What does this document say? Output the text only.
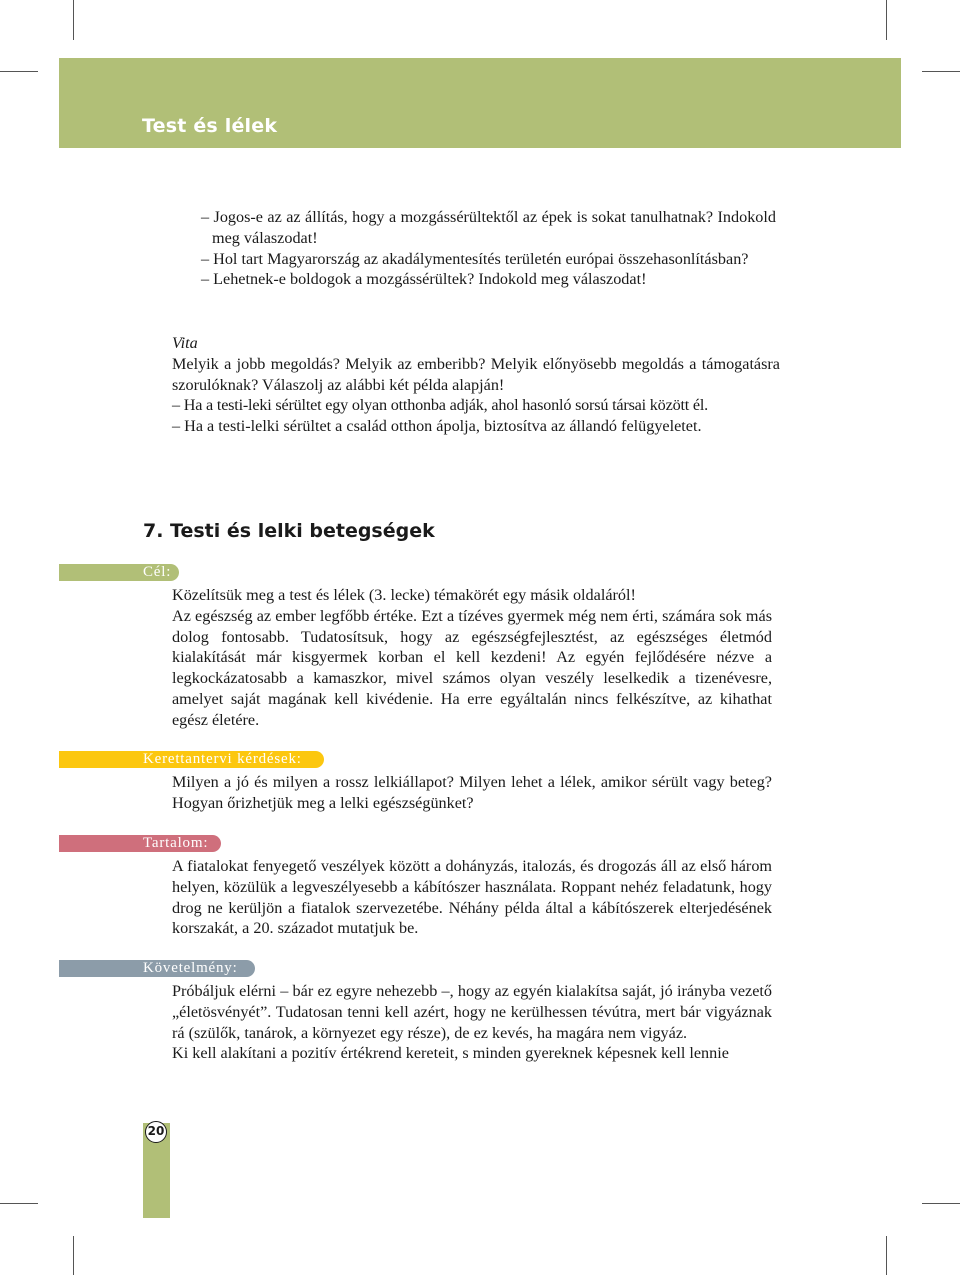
Test és lélek

– Jogos-e az az állítás, hogy a mozgássérültektől az épek is sokat tanulhatnak? Indokold meg válaszodat!

– Hol tart Magyarország az akadálymentesítés területén európai összehasonlításban?

– Lehetnek-e boldogok a mozgássérültek? Indokold meg válaszodat!

Vita

Melyik a jobb megoldás? Melyik az emberibb? Melyik előnyösebb megoldás a támogatásra szorulóknak? Válaszolj az alábbi két példa alapján!

– Ha a testi-leki sérültet egy olyan otthonba adják, ahol hasonló sorsú társai között él.

– Ha a testi-lelki sérültet a család otthon ápolja, biztosítva az állandó felügyeletet.

7. Testi és lelki betegségek
Cél:

Közelítsük meg a test és lélek (3. lecke) témakörét egy másik oldaláról!

Az egészség az ember legfőbb értéke. Ezt a tízéves gyermek még nem érti, számára sok más dolog fontosabb. Tudatosítsuk, hogy az egészségfejlesztést, az egészséges életmód kialakítását már kisgyermek korban el kell kezdeni! Az egyén fejlődésére nézve a legkockázatosabb a kamaszkor, mivel számos olyan veszély leselkedik a tizenévesre, amelyet saját magának kell kivédenie. Ha erre egyáltalán nincs felkészítve, az kihathat egész életére.

Kerettantervi kérdések:

Milyen a jó és milyen a rossz lelkiállapot? Milyen lehet a lélek, amikor sérült vagy beteg? Hogyan őrizhetjük meg a lelki egészségünket?

Tartalom:

A fiatalokat fenyegető veszélyek között a dohányzás, italozás, és drogozás áll az első három helyen, közülük a legveszélyesebb a kábítószer használata. Roppant nehéz feladatunk, hogy drog ne kerüljön a fiatalok szervezetébe. Néhány példa által a kábítószerek elterjedésének korszakát, a 20. századot mutatjuk be.

Követelmény:

Próbáljuk elérni – bár ez egyre nehezebb –, hogy az egyén kialakítsa saját, jó irányba vezető „életösvényét”. Tudatosan tenni kell azért, hogy ne kerülhessen tévútra, mert bár vigyáznak rá (szülők, tanárok, a környezet egy része), de ez kevés, ha magára nem vigyáz.

Ki kell alakítani a pozitív értékrend kereteit, s minden gyereknek képesnek kell lennie

20
